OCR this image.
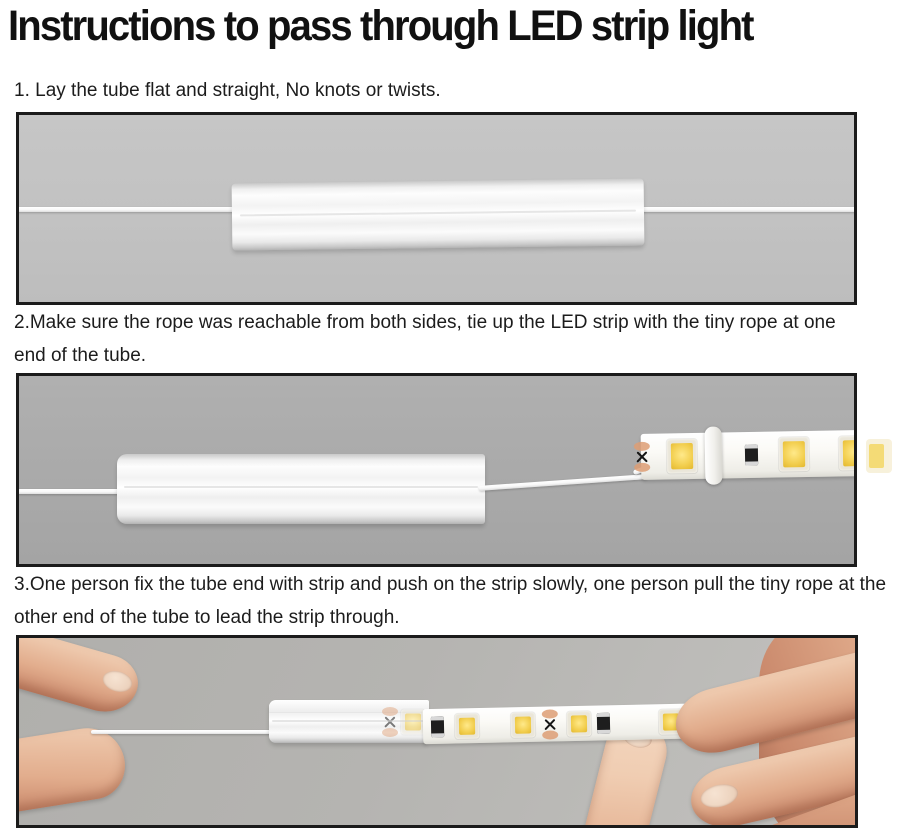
Instructions to pass through LED strip light

1. Lay the tube flat and straight, No knots or twists.

2.Make sure the rope was reachable from both sides, tie up the LED strip with the tiny rope at one end of the tube.

3.One person fix the tube end with strip and push on the strip slowly, one person pull the tiny rope at the other end of the tube to lead the strip through.
